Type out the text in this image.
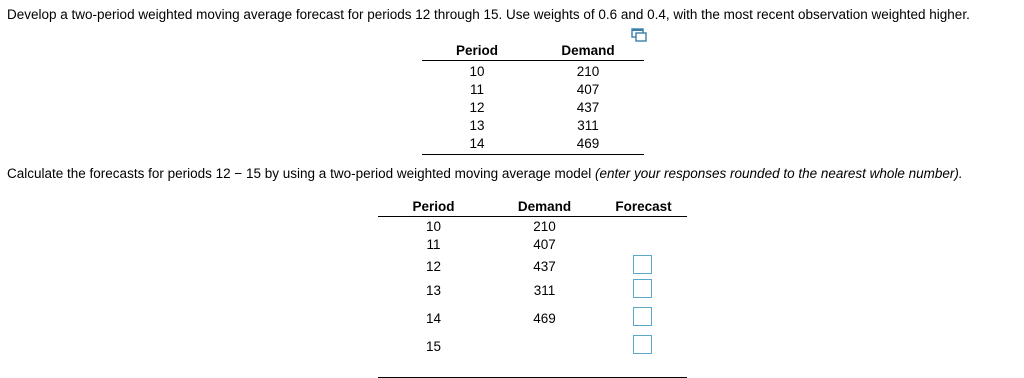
Develop a two-period weighted moving average forecast for periods 12 through 15. Use weights of 0.6 and 0.4, with the most recent observation weighted higher.
Period	Demand
10	210
11	407
12	437
13	311
14	469
Calculate the forecasts for periods 12 − 15 by using a two-period weighted moving average model (enter your responses rounded to the nearest whole number).
Period	Demand	Forecast
10	210
11	407
12	437
13	311
14	469
15
